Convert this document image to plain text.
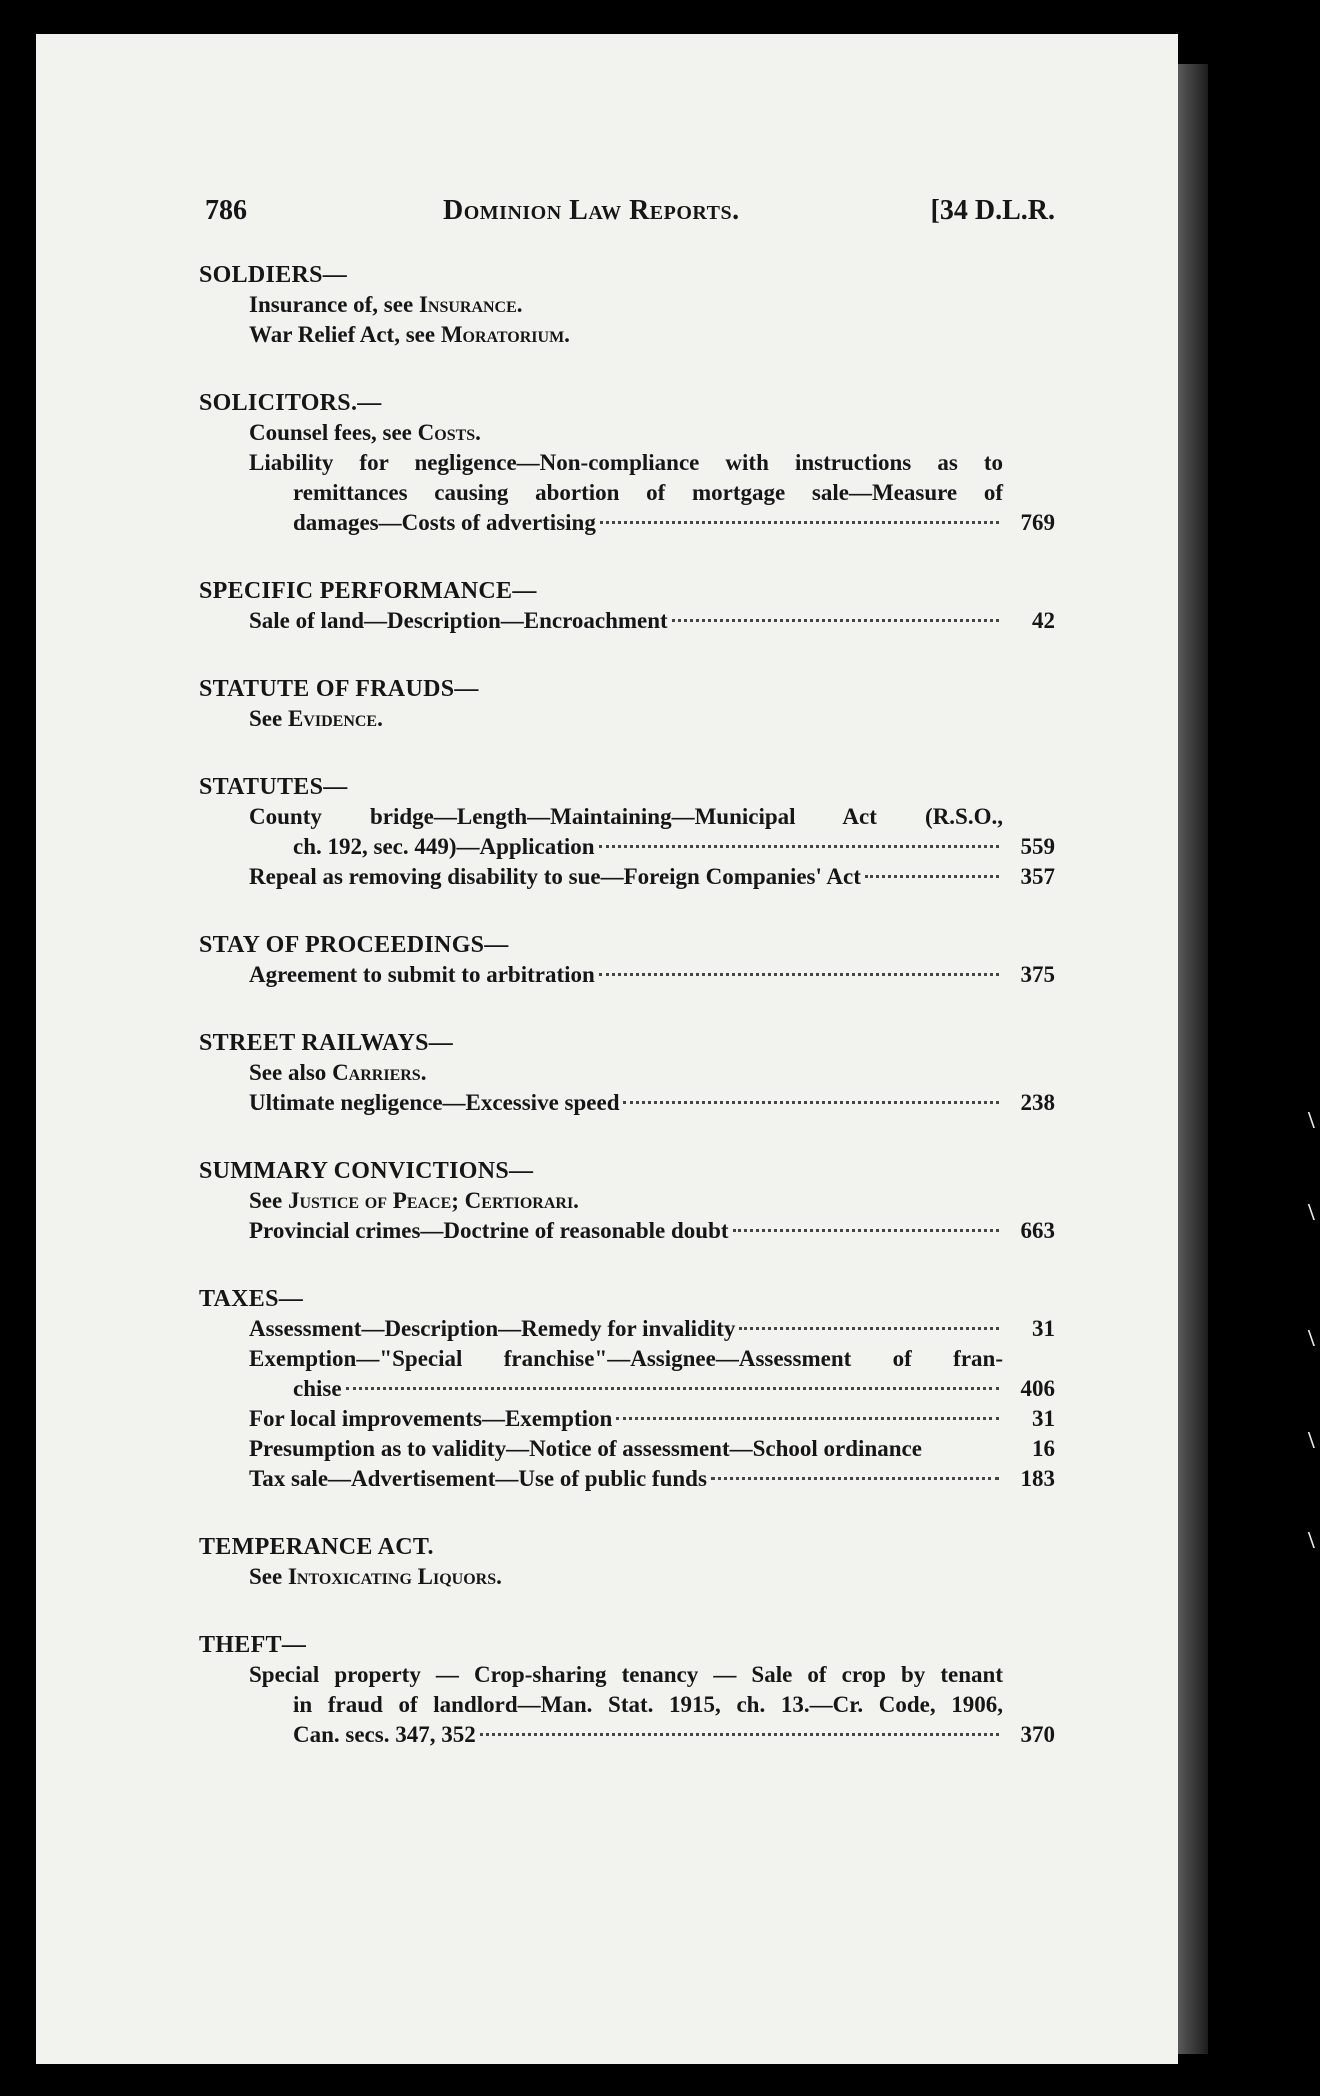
\
\
\
\
\
786	Dominion Law Reports.	[34 D.L.R.
SOLDIERS—
Insurance of, see Insurance.
War Relief Act, see Moratorium.
SOLICITORS.—
Counsel fees, see Costs.
Liability for negligence—Non-compliance with instructions as to
remittances causing abortion of mortgage sale—Measure of
damages—Costs of advertising	769
SPECIFIC PERFORMANCE—
Sale of land—Description—Encroachment	42
STATUTE OF FRAUDS—
See Evidence.
STATUTES—
County bridge—Length—Maintaining—Municipal Act (R.S.O.,
ch. 192, sec. 449)—Application	559
Repeal as removing disability to sue—Foreign Companies' Act	357
STAY OF PROCEEDINGS—
Agreement to submit to arbitration	375
STREET RAILWAYS—
See also Carriers.
Ultimate negligence—Excessive speed	238
SUMMARY CONVICTIONS—
See Justice of Peace; Certiorari.
Provincial crimes—Doctrine of reasonable doubt	663
TAXES—
Assessment—Description—Remedy for invalidity	31
Exemption—"Special franchise"—Assignee—Assessment of fran-
chise	406
For local improvements—Exemption	31
Presumption as to validity—Notice of assessment—School ordinance	16
Tax sale—Advertisement—Use of public funds	183
TEMPERANCE ACT.
See Intoxicating Liquors.
THEFT—
Special property — Crop-sharing tenancy — Sale of crop by tenant
in fraud of landlord—Man. Stat. 1915, ch. 13.—Cr. Code, 1906,
Can. secs. 347, 352	370
